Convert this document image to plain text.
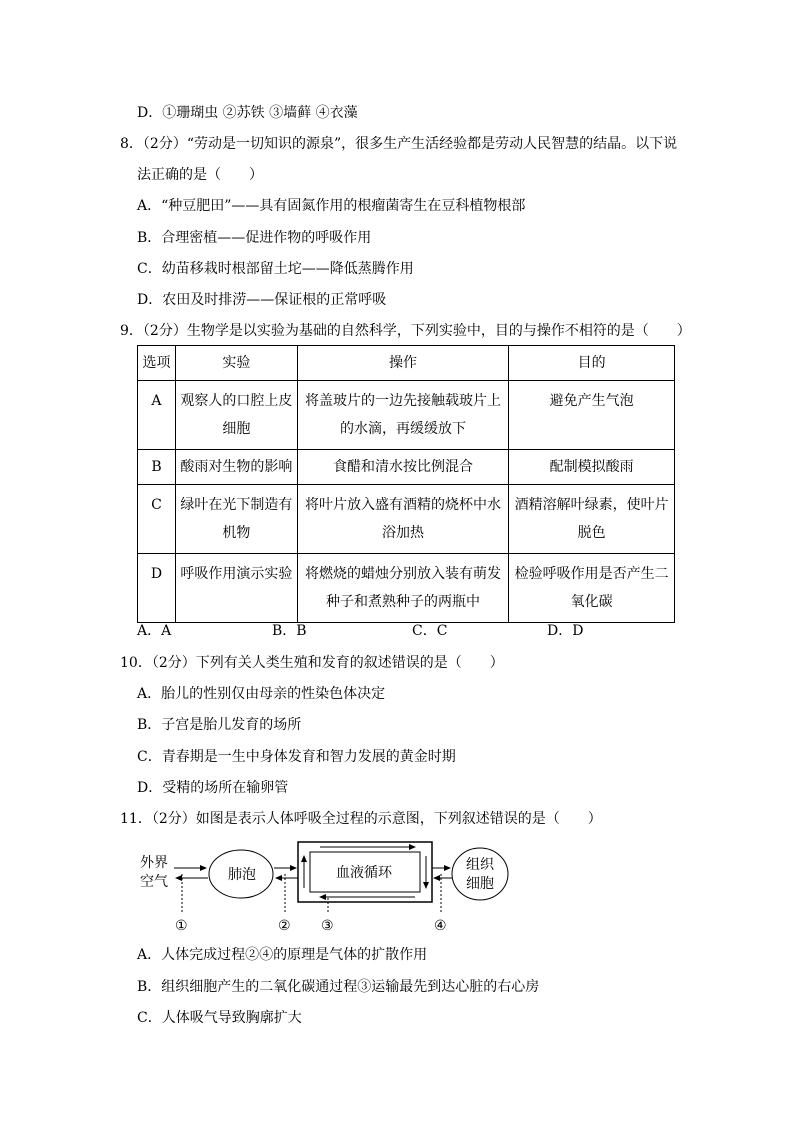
D．①珊瑚虫 ②苏铁 ③墙藓 ④衣藻
8．（2分）“劳动是一切知识的源泉”，很多生产生活经验都是劳动人民智慧的结晶。以下说
法正确的是（　　）
A．“种豆肥田”——具有固氮作用的根瘤菌寄生在豆科植物根部
B．合理密植——促进作物的呼吸作用
C．幼苗移栽时根部留土坨——降低蒸腾作用
D．农田及时排涝——保证根的正常呼吸
9．（2分）生物学是以实验为基础的自然科学，下列实验中，目的与操作不相符的是（　　）
选项	实验	操作	目的
A	观察人的口腔上皮细胞	将盖玻片的一边先接触载玻片上的水滴，再缓缓放下	避免产生气泡
B	酸雨对生物的影响	食醋和清水按比例混合	配制模拟酸雨
C	绿叶在光下制造有机物	将叶片放入盛有酒精的烧杯中水浴加热	酒精溶解叶绿素，使叶片脱色
D	呼吸作用演示实验	将燃烧的蜡烛分别放入装有萌发种子和煮熟种子的两瓶中	检验呼吸作用是否产生二氧化碳
A．A	B．B	C．C	D．D
10．（2分）下列有关人类生殖和发育的叙述错误的是（　　）
A．胎儿的性别仅由母亲的性染色体决定
B．子宫是胎儿发育的场所
C．青春期是一生中身体发育和智力发展的黄金时期
D．受精的场所在输卵管
11．（2分）如图是表示人体呼吸全过程的示意图，下列叙述错误的是（　　）
外界
空气	肺泡	血液循环	组织
细胞
①	② ③	④
A．人体完成过程②④的原理是气体的扩散作用
B．组织细胞产生的二氧化碳通过程③运输最先到达心脏的右心房
C．人体吸气导致胸廓扩大
